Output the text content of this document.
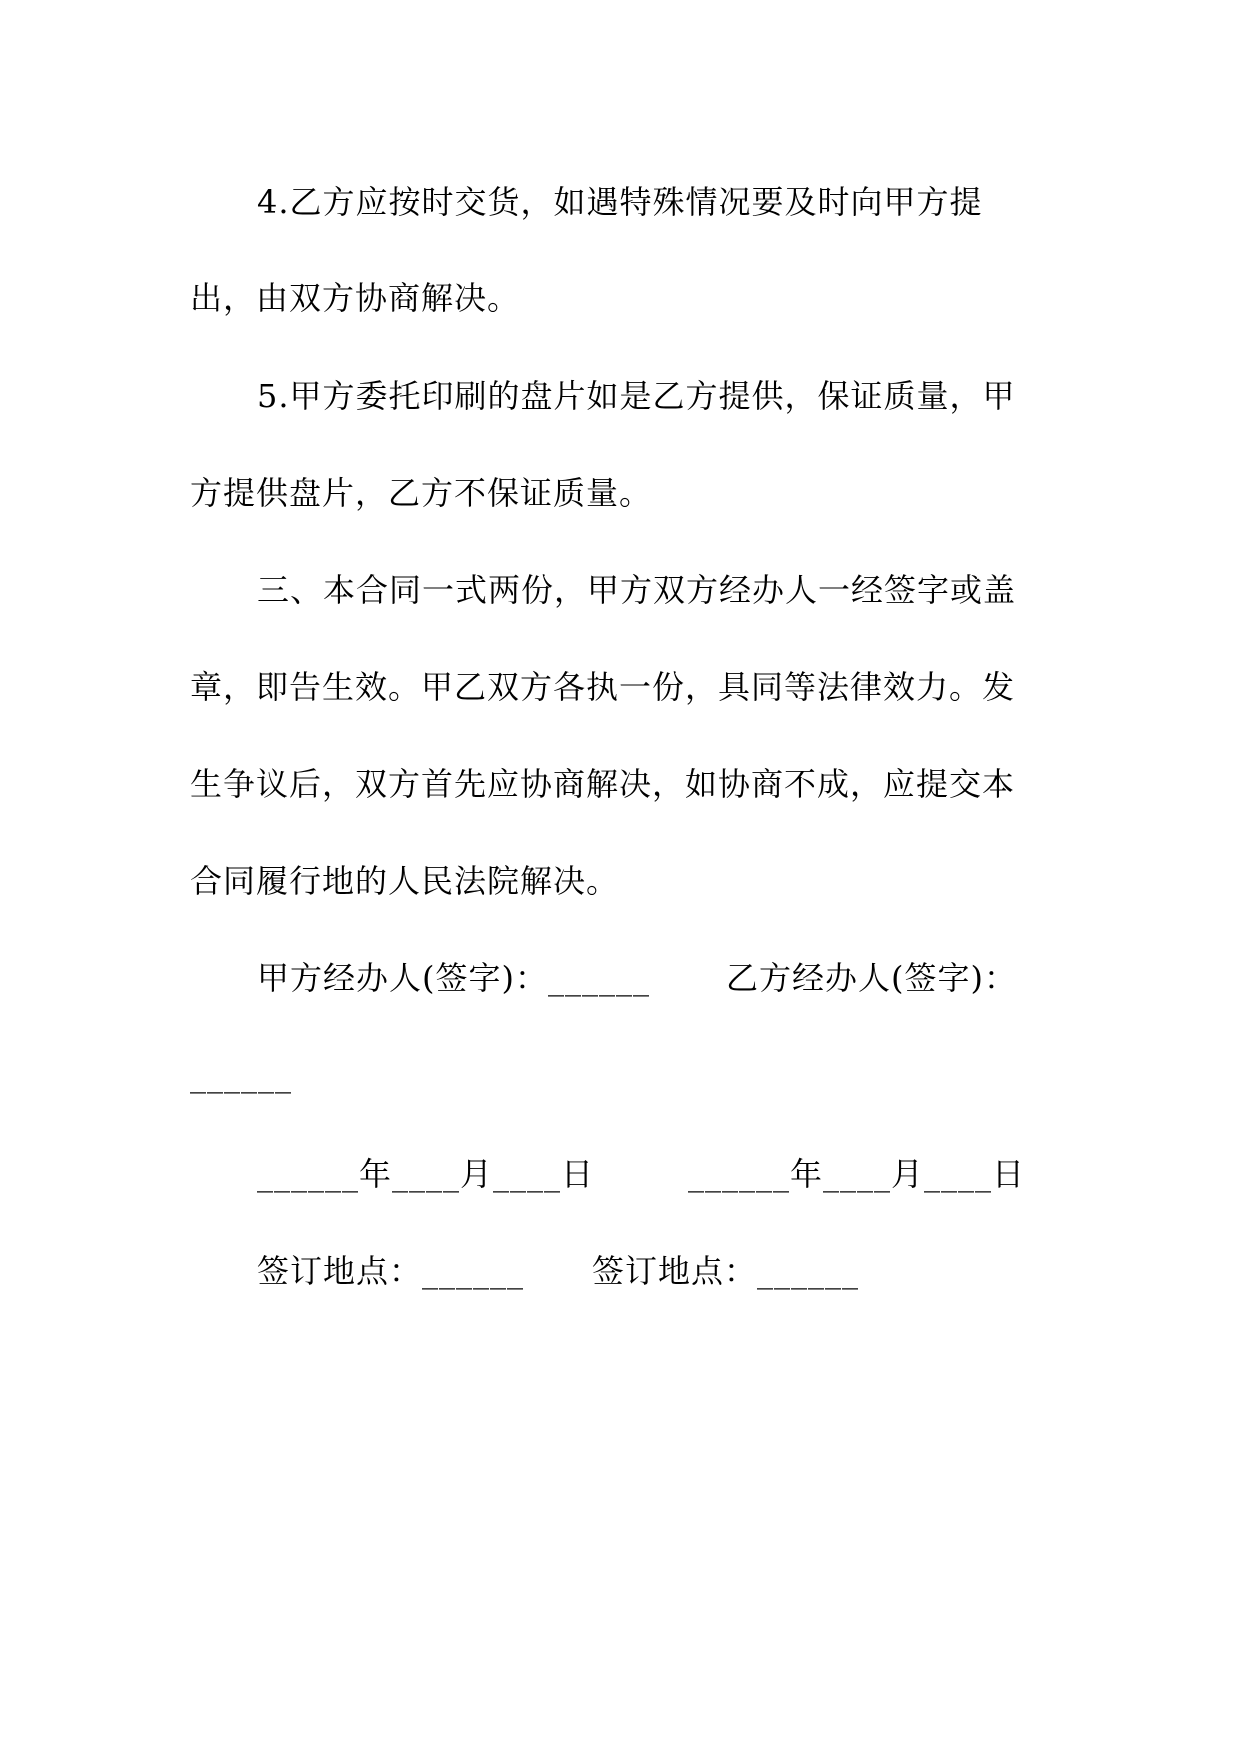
4.乙方应按时交货，如遇特殊情况要及时向甲方提
出，由双方协商解决。
5.甲方委托印刷的盘片如是乙方提供，保证质量，甲
方提供盘片，乙方不保证质量。
三、本合同一式两份，甲方双方经办人一经签字或盖
章，即告生效。甲乙双方各执一份，具同等法律效力。发
生争议后，双方首先应协商解决，如协商不成，应提交本
合同履行地的人民法院解决。
甲方经办人(签字)：______ 乙方经办人(签字)：
______
______年____月____日	______年____月____日
签订地点：______ 签订地点：______
